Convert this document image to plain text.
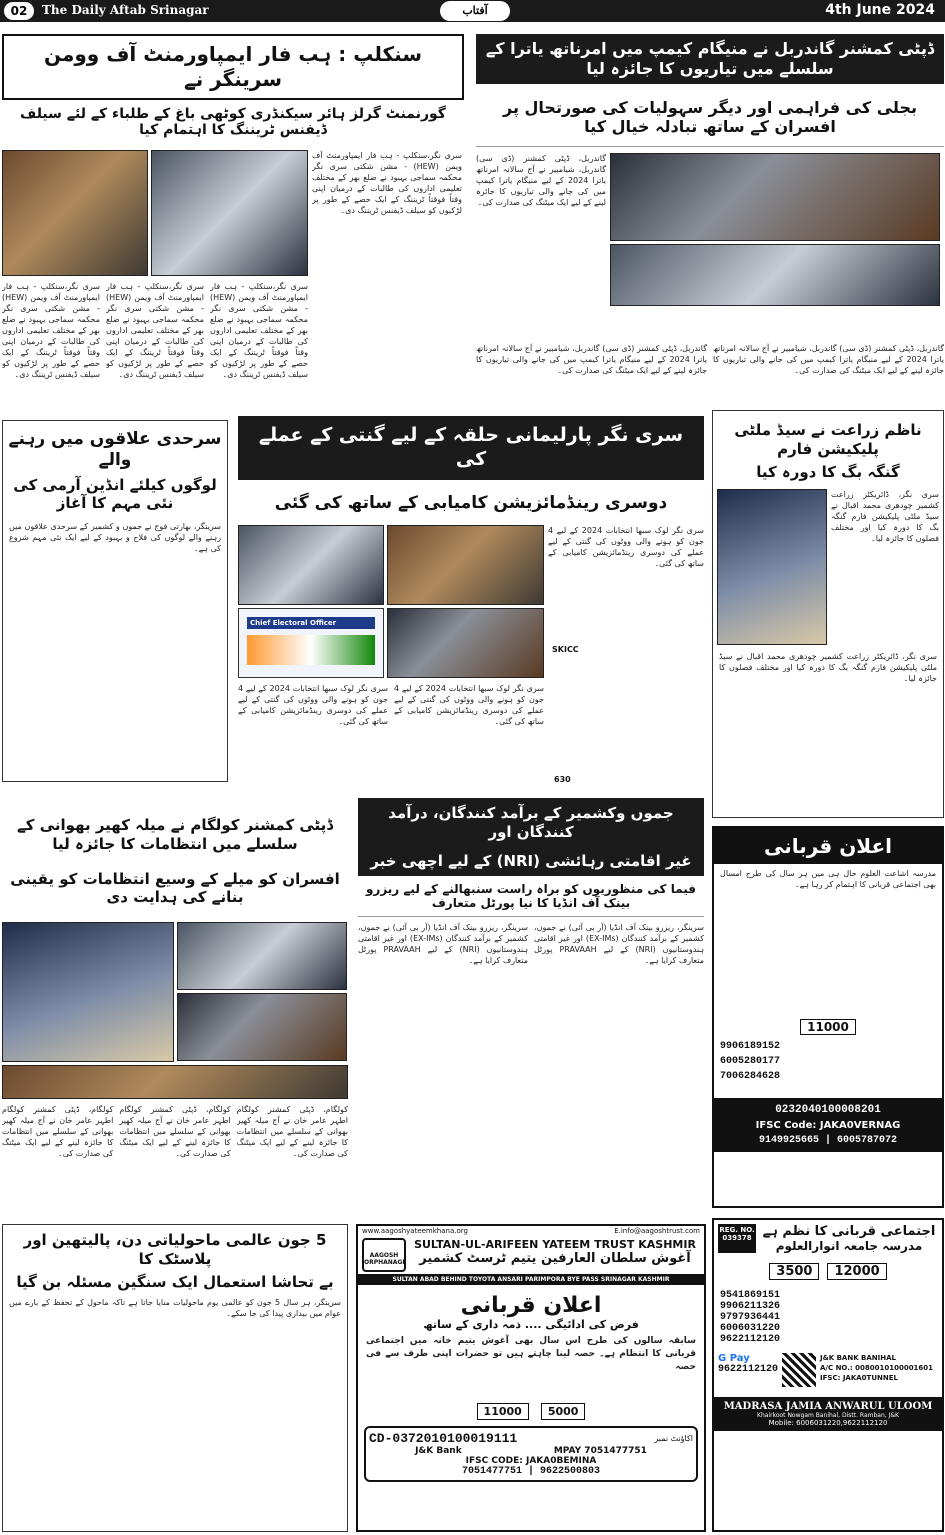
02	The Daily Aftab Srinagar	آفتاب	4th June 2024
سنکلپ : ہب فار ایمپاورمنٹ آف وومن سرینگر نے
گورنمنٹ گرلز ہائر سیکنڈری کوٹھی باغ کے طلباء کے لئے سیلف ڈیفنس ٹریننگ کا اہتمام کیا
سری نگر،سنکلپ - ہب فار ایمپاورمنٹ آف ویمن (HEW) - مشن شکتی سری نگر محکمہ سماجی بہبود نے ضلع بھر کے مختلف تعلیمی اداروں کی طالبات کے درمیان اپنی وقتاً فوقتاً ٹریننگ کے ایک حصے کے طور پر لڑکیوں کو سیلف ڈیفنس ٹریننگ دی۔
سری نگر،سنکلپ - ہب فار ایمپاورمنٹ آف ویمن (HEW) - مشن شکتی سری نگر محکمہ سماجی بہبود نے ضلع بھر کے مختلف تعلیمی اداروں کی طالبات کے درمیان اپنی وقتاً فوقتاً ٹریننگ کے ایک حصے کے طور پر لڑکیوں کو سیلف ڈیفنس ٹریننگ دی۔
سری نگر،سنکلپ - ہب فار ایمپاورمنٹ آف ویمن (HEW) - مشن شکتی سری نگر محکمہ سماجی بہبود نے ضلع بھر کے مختلف تعلیمی اداروں کی طالبات کے درمیان اپنی وقتاً فوقتاً ٹریننگ کے ایک حصے کے طور پر لڑکیوں کو سیلف ڈیفنس ٹریننگ دی۔
سری نگر،سنکلپ - ہب فار ایمپاورمنٹ آف ویمن (HEW) - مشن شکتی سری نگر محکمہ سماجی بہبود نے ضلع بھر کے مختلف تعلیمی اداروں کی طالبات کے درمیان اپنی وقتاً فوقتاً ٹریننگ کے ایک حصے کے طور پر لڑکیوں کو سیلف ڈیفنس ٹریننگ دی۔
ڈپٹی کمشنر گاندربل نے منیگام کیمپ میں امرناتھ یاترا کے سلسلے میں تیاریوں کا جائزہ لیا
بجلی کی فراہمی اور دیگر سہولیات کی صورتحال پر افسران کے ساتھ تبادلہ خیال کیا
گاندربل، ڈپٹی کمشنر (ڈی سی) گاندربل، شیامبیر نے آج سالانہ امرناتھ یاترا 2024 کے لیے منیگام یاترا کیمپ میں کی جانے والی تیاریوں کا جائزہ لینے کے لیے ایک میٹنگ کی صدارت کی۔
گاندربل، ڈپٹی کمشنر (ڈی سی) گاندربل، شیامبیر نے آج سالانہ امرناتھ یاترا 2024 کے لیے منیگام یاترا کیمپ میں کی جانے والی تیاریوں کا جائزہ لینے کے لیے ایک میٹنگ کی صدارت کی۔
گاندربل، ڈپٹی کمشنر (ڈی سی) گاندربل، شیامبیر نے آج سالانہ امرناتھ یاترا 2024 کے لیے منیگام یاترا کیمپ میں کی جانے والی تیاریوں کا جائزہ لینے کے لیے ایک میٹنگ کی صدارت کی۔
سرحدی علاقوں میں رہنے والے
لوگوں کیلئے انڈین آرمی کی نئی مہم کا آغاز
سرینگر، بھارتی فوج نے جموں و کشمیر کے سرحدی علاقوں میں رہنے والے لوگوں کی فلاح و بہبود کے لیے ایک نئی مہم شروع کی ہے۔
سری نگر پارلیمانی حلقہ کے لیے گنتی کے عملے کی
دوسری رینڈمائزیشن کامیابی کے ساتھ کی گئی
Chief Electoral Officer
سری نگر لوک سبھا انتخابات 2024 کے لیے 4 جون کو ہونے والی ووٹوں کی گنتی کے لیے عملے کی دوسری رینڈمائزیشن کامیابی کے ساتھ کی گئی۔
سری نگر لوک سبھا انتخابات 2024 کے لیے 4 جون کو ہونے والی ووٹوں کی گنتی کے لیے عملے کی دوسری رینڈمائزیشن کامیابی کے ساتھ کی گئی۔
سری نگر لوک سبھا انتخابات 2024 کے لیے 4 جون کو ہونے والی ووٹوں کی گنتی کے لیے عملے کی دوسری رینڈمائزیشن کامیابی کے ساتھ کی گئی۔
SKICC
630
ناظم زراعت نے سیڈ ملٹی پلیکیشن فارم
گنگہ بگ کا دورہ کیا
سری نگر، ڈائریکٹر زراعت کشمیر چودھری محمد اقبال نے سیڈ ملٹی پلیکیشن فارم گنگہ بگ کا دورہ کیا اور مختلف فصلوں کا جائزہ لیا۔
سری نگر، ڈائریکٹر زراعت کشمیر چودھری محمد اقبال نے سیڈ ملٹی پلیکیشن فارم گنگہ بگ کا دورہ کیا اور مختلف فصلوں کا جائزہ لیا۔
ڈپٹی کمشنر کولگام نے میلہ کھیر بھوانی کے سلسلے میں انتظامات کا جائزہ لیا
افسران کو میلے کے وسیع انتظامات کو یقینی بنانے کی ہدایت دی
کولگام، ڈپٹی کمشنر کولگام اطہر عامر خان نے آج میلہ کھیر بھوانی کے سلسلے میں انتظامات کا جائزہ لینے کے لیے ایک میٹنگ کی صدارت کی۔
کولگام، ڈپٹی کمشنر کولگام اطہر عامر خان نے آج میلہ کھیر بھوانی کے سلسلے میں انتظامات کا جائزہ لینے کے لیے ایک میٹنگ کی صدارت کی۔
کولگام، ڈپٹی کمشنر کولگام اطہر عامر خان نے آج میلہ کھیر بھوانی کے سلسلے میں انتظامات کا جائزہ لینے کے لیے ایک میٹنگ کی صدارت کی۔
جموں وکشمیر کے برآمد کنندگان، درآمد کنندگان اور
غیر اقامتی رہائشی (NRI) کے لیے اچھی خبر
فیما کی منظوریوں کو براہ راست سنبھالنے کے لیے ریزرو بینک آف انڈیا کا نیا پورٹل متعارف
سرینگر، ریزرو بینک آف انڈیا (آر بی آئی) نے جموں، کشمیر کے برآمد کنندگان (EX-IMs) اور غیر اقامتی ہندوستانیوں (NRI) کے لیے PRAVAAH پورٹل متعارف کرایا ہے۔
سرینگر، ریزرو بینک آف انڈیا (آر بی آئی) نے جموں، کشمیر کے برآمد کنندگان (EX-IMs) اور غیر اقامتی ہندوستانیوں (NRI) کے لیے PRAVAAH پورٹل متعارف کرایا ہے۔
5 جون عالمی ماحولیاتی دن، پالیتھین اور پلاسٹک کا
بے تحاشا استعمال ایک سنگین مسئلہ بن گیا
سرینگر، ہر سال 5 جون کو عالمی یوم ماحولیات منایا جاتا ہے تاکہ ماحول کے تحفظ کے بارے میں عوام میں بیداری پیدا کی جا سکے۔
www.aagoshyateemkhana.org	E.info@aagoshtrust.com
AAGOSH ORPHANAGE
SULTAN-UL-ARIFEEN YATEEM TRUST KASHMIR
آغوش سلطان العارفین یتیم ٹرسٹ کشمیر
SULTAN ABAD BEHIND TOYOTA ANSARI PARIMPORA BYE PASS SRINAGAR KASHMIR
اعلان قربانی
فرض کی ادائیگی .... ذمہ داری کے ساتھ
سابقہ سالوں کی طرح اس سال بھی آغوش یتیم خانہ میں اجتماعی قربانی کا انتظام ہے۔ حصہ لینا چاہتے ہیں تو حضرات اپنی طرف سے فی حصہ
11000	5000
CD-0372010100019111	اکاؤنٹ نمبر
J&K Bank	MPAY 7051477751
IFSC CODE: JAKA0BEMINA
7051477751 | 9622500803
اعلان قربانی
مدرسہ اشاعت العلوم حال ہی میں ہر سال کی طرح امسال بھی اجتماعی قربانی کا اہتمام کر رہا ہے۔
11000
9906189152
6005280177
7006284628
0232040100008201
IFSC Code: JAKA0VERNAG
9149925665 | 6005787072
REG. NO.
039378 اجتماعی قربانی کا نظم ہے
مدرسہ جامعہ انوارالعلوم
3500	12000
9541869151
9906211326
9797936441
6006031220
9622112120
G Pay
9622112120
J&K BANK BANIHAL
A/C NO.: 0080010100001601
IFSC: JAKA0TUNNEL
MADRASA JAMIA ANWARUL ULOOM
Khairkoot Nowgam Banihal, Distt. Ramban, J&K
Mobile: 6006031220,9622112120
